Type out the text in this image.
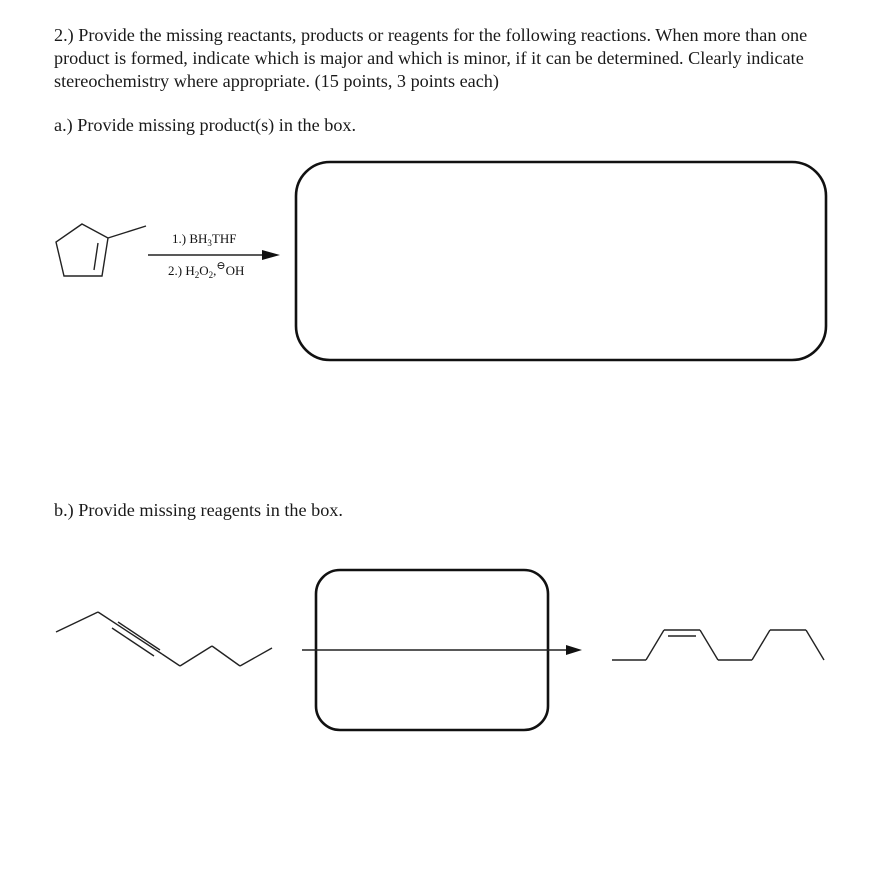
2.) Provide the missing reactants, products or reagents for the following reactions. When more than one product is formed, indicate which is major and which is minor, if it can be determined. Clearly indicate stereochemistry where appropriate. (15 points, 3 points each)

a.) Provide missing product(s) in the box.

b.) Provide missing reagents in the box.

1.) $BH_3THF$
2.) $H_2O_2,^⊖OH$
